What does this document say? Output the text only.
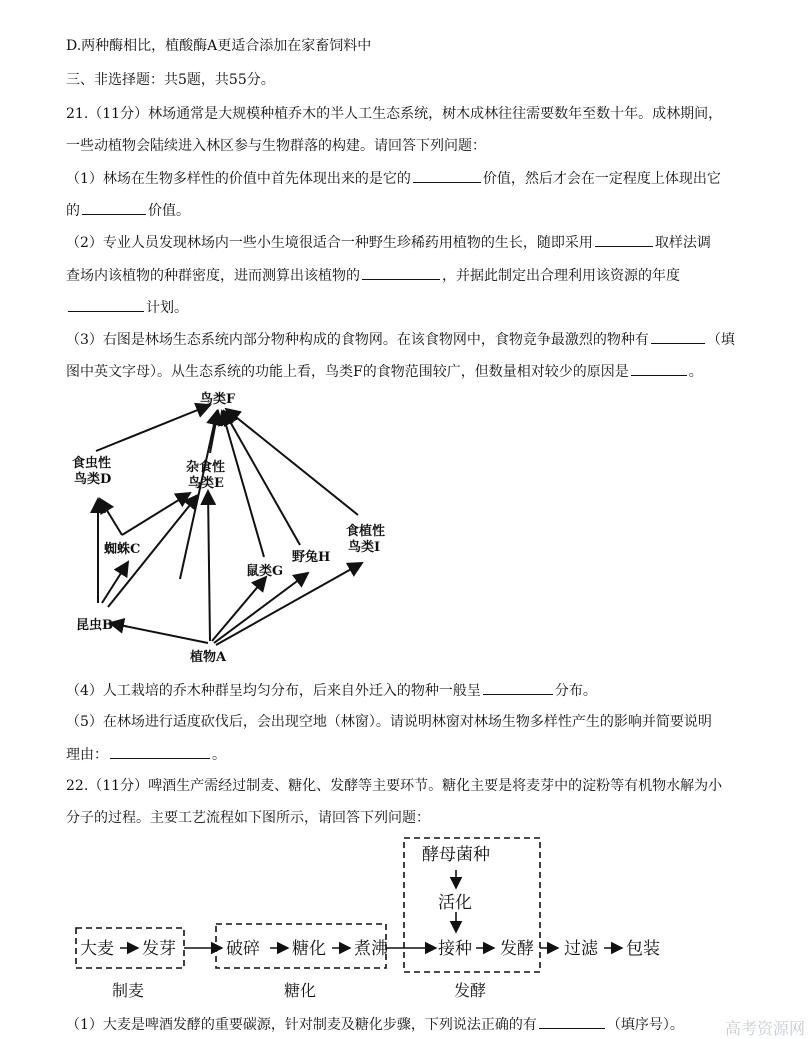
D.两种酶相比，植酸酶A更适合添加在家畜饲料中
三、非选择题：共5题，共55分。
21.（11分）林场通常是大规模种植乔木的半人工生态系统，树木成林往往需要数年至数十年。成林期间，
一些动植物会陆续进入林区参与生物群落的构建。请回答下列问题：
（1）林场在生物多样性的价值中首先体现出来的是它的	价值，然后才会在一定程度上体现出它
的	价值。
（2）专业人员发现林场内一些小生境很适合一种野生珍稀药用植物的生长，随即采用	取样法调
查场内该植物的种群密度，进而测算出该植物的	，并据此制定出合理利用该资源的年度
计划。
（3）右图是林场生态系统内部分物种构成的食物网。在该食物网中，食物竞争最激烈的物种有	（填
图中英文字母）。从生态系统的功能上看，鸟类F的食物范围较广，但数量相对较少的原因是	。
鸟类F
食虫性
鸟类D
杂食性
鸟类E
蜘蛛C
鼠类G
野兔H
食植性
鸟类I
昆虫B
植物A
（4）人工栽培的乔木种群呈均匀分布，后来自外迁入的物种一般呈	分布。
（5）在林场进行适度砍伐后，会出现空地（林窗）。请说明林窗对林场生物多样性产生的影响并简要说明
理由：	。
22.（11分）啤酒生产需经过制麦、糖化、发酵等主要环节。糖化主要是将麦芽中的淀粉等有机物水解为小
分子的过程。主要工艺流程如下图所示，请回答下列问题：
大麦 发芽	破碎 糖化 煮沸	接种 发酵 过滤 包装
酵母菌种
活化
制麦	糖化	发酵
（1）大麦是啤酒发酵的重要碳源，针对制麦及糖化步骤，下列说法正确的有	（填序号）。	高考资源网
